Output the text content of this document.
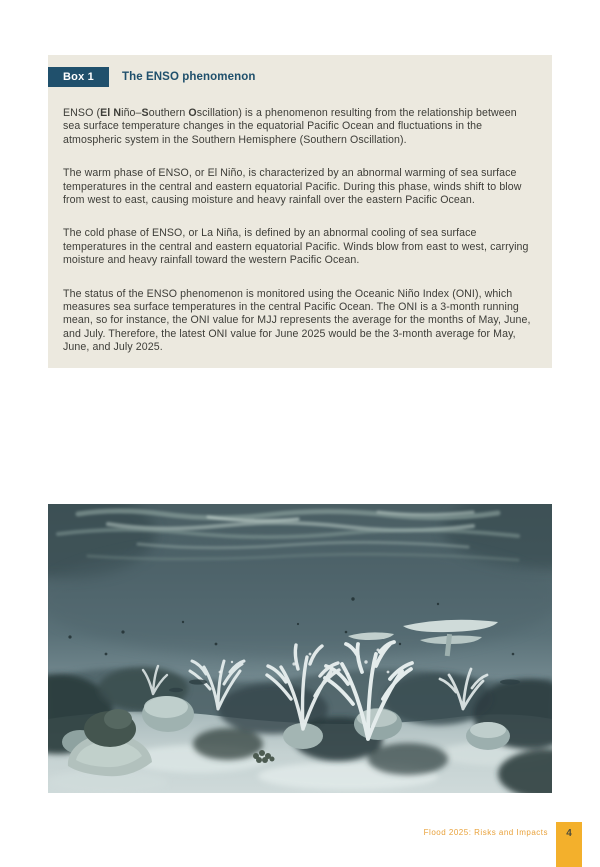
Box 1	The ENSO phenomenon

ENSO (El Niño–Southern Oscillation) is a phenomenon resulting from the relationship between sea surface temperature changes in the equatorial Pacific Ocean and fluctuations in the atmospheric system in the Southern Hemisphere (Southern Oscillation).

The warm phase of ENSO, or El Niño, is characterized by an abnormal warming of sea surface temperatures in the central and eastern equatorial Pacific. During this phase, winds shift to blow from west to east, causing moisture and heavy rainfall over the eastern Pacific Ocean.

The cold phase of ENSO, or La Niña, is defined by an abnormal cooling of sea surface temperatures in the central and eastern equatorial Pacific. Winds blow from east to west, carrying moisture and heavy rainfall toward the western Pacific Ocean.

The status of the ENSO phenomenon is monitored using the Oceanic Niño Index (ONI), which measures sea surface temperatures in the central Pacific Ocean. The ONI is a 3-month running mean, so for instance, the ONI value for MJJ represents the average for the months of May, June, and July. Therefore, the latest ONI value for June 2025 would be the 3-month average for May, June, and July 2025.

Flood 2025: Risks and Impacts	4
